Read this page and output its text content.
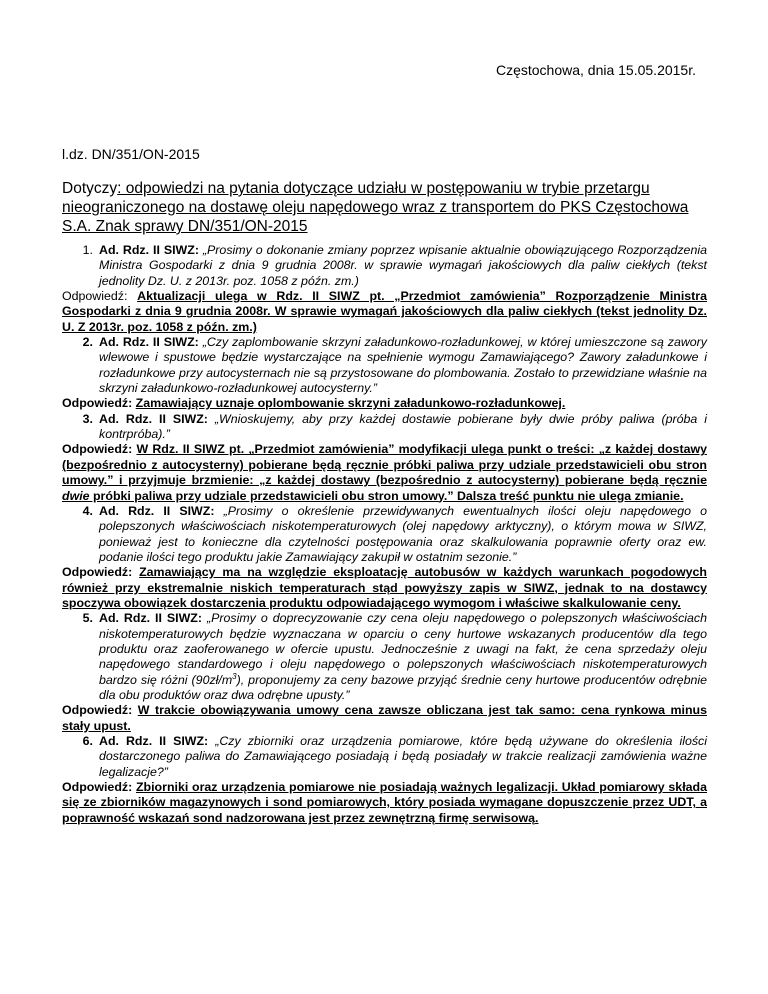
Częstochowa, dnia 15.05.2015r.
l.dz. DN/351/ON-2015
Dotyczy: odpowiedzi na pytania dotyczące udziału w postępowaniu w trybie przetargu nieograniczonego na dostawę oleju napędowego wraz z transportem do PKS Częstochowa S.A. Znak sprawy DN/351/ON-2015
1. Ad. Rdz. II SIWZ: „Prosimy o dokonanie zmiany poprzez wpisanie aktualnie obowiązującego Rozporządzenia Ministra Gospodarki z dnia 9 grudnia 2008r. w sprawie wymagań jakościowych dla paliw ciekłych (tekst jednolity Dz. U. z 2013r. poz. 1058 z późn. zm.)
Odpowiedź: Aktualizacji ulega w Rdz. II SIWZ pt. „Przedmiot zamówienia” Rozporządzenie Ministra Gospodarki z dnia 9 grudnia 2008r. W sprawie wymagań jakościowych dla paliw ciekłych (tekst jednolity Dz. U. Z 2013r. poz. 1058 z późn. zm.)
2. Ad. Rdz. II SIWZ: „Czy zaplombowanie skrzyni załadunkowo-rozładunkowej, w której umieszczone są zawory wlewowe i spustowe będzie wystarczające na spełnienie wymogu Zamawiającego? Zawory załadunkowe i rozładunkowe przy autocysternach nie są przystosowane do plombowania. Zostało to przewidziane właśnie na skrzyni załadunkowo-rozładunkowej autocysterny.”
Odpowiedź: Zamawiający uznaje oplombowanie skrzyni załadunkowo-rozładunkowej.
3. Ad. Rdz. II SIWZ: „Wnioskujemy, aby przy każdej dostawie pobierane były dwie próby paliwa (próba i kontrpróba).”
Odpowiedź: W Rdz. II SIWZ pt. „Przedmiot zamówienia” modyfikacji ulega punkt o treści: „z każdej dostawy (bezpośrednio z autocysterny) pobierane będą ręcznie próbki paliwa przy udziale przedstawicieli obu stron umowy.” i przyjmuje brzmienie: „z każdej dostawy (bezpośrednio z autocysterny) pobierane będą ręcznie dwie próbki paliwa przy udziale przedstawicieli obu stron umowy.” Dalsza treść punktu nie ulega zmianie.
4. Ad. Rdz. II SIWZ: „Prosimy o określenie przewidywanych ewentualnych ilości oleju napędowego o polepszonych właściwościach niskotemperaturowych (olej napędowy arktyczny), o którym mowa w SIWZ, ponieważ jest to konieczne dla czytelności postępowania oraz skalkulowania poprawnie oferty oraz ew. podanie ilości tego produktu jakie Zamawiający zakupił w ostatnim sezonie.”
Odpowiedź: Zamawiający ma na względzie eksploatację autobusów w każdych warunkach pogodowych również przy ekstremalnie niskich temperaturach stąd powyższy zapis w SIWZ, jednak to na dostawcy spoczywa obowiązek dostarczenia produktu odpowiadającego wymogom i właściwe skalkulowanie ceny.
5. Ad. Rdz. II SIWZ: „Prosimy o doprecyzowanie czy cena oleju napędowego o polepszonych właściwościach niskotemperaturowych będzie wyznaczana w oparciu o ceny hurtowe wskazanych producentów dla tego produktu oraz zaoferowanego w ofercie upustu. Jednocześnie z uwagi na fakt, że cena sprzedaży oleju napędowego standardowego i oleju napędowego o polepszonych właściwościach niskotemperaturowych bardzo się różni $(90zł/m^3)$, proponujemy za ceny bazowe przyjąć średnie ceny hurtowe producentów odrębnie dla obu produktów oraz dwa odrębne upusty.”
Odpowiedź: W trakcie obowiązywania umowy cena zawsze obliczana jest tak samo: cena rynkowa minus stały upust.
6. Ad. Rdz. II SIWZ: „Czy zbiorniki oraz urządzenia pomiarowe, które będą używane do określenia ilości dostarczonego paliwa do Zamawiającego posiadają i będą posiadały w trakcie realizacji zamówienia ważne legalizacje?”
Odpowiedź: Zbiorniki oraz urządzenia pomiarowe nie posiadają ważnych legalizacji. Układ pomiarowy składa się ze zbiorników magazynowych i sond pomiarowych, który posiada wymagane dopuszczenie przez UDT, a poprawność wskazań sond nadzorowana jest przez zewnętrzną firmę serwisową.
